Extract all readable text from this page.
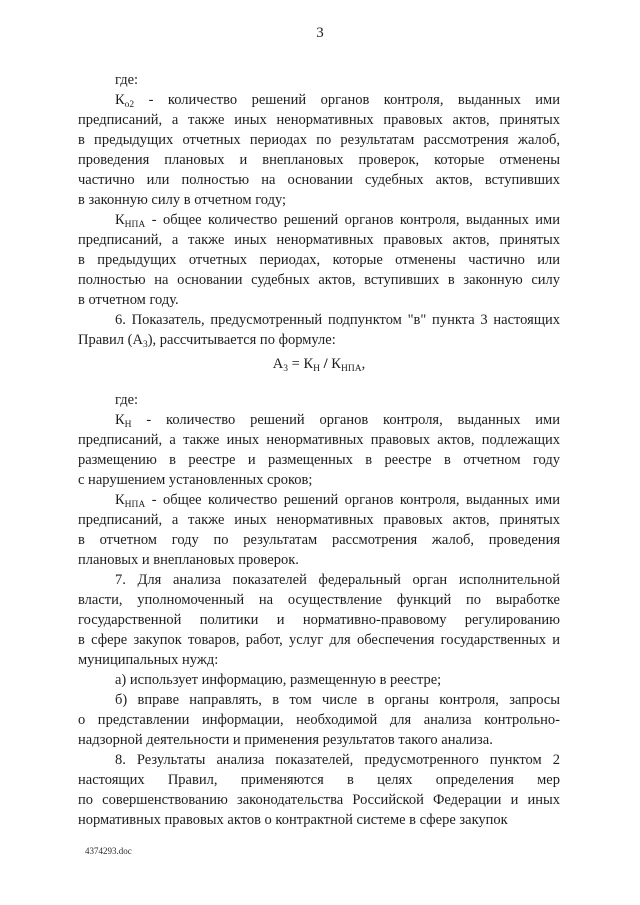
3
где:
$К_{о2}$ - количество решений органов контроля, выданных ими
предписаний, а также иных ненормативных правовых актов, принятых
в предыдущих отчетных периодах по результатам рассмотрения жалоб,
проведения плановых и внеплановых проверок, которые отменены
частично или полностью на основании судебных актов, вступивших
в законную силу в отчетном году;
$К_{НПА}$ - общее количество решений органов контроля, выданных ими
предписаний, а также иных ненормативных правовых актов, принятых
в предыдущих отчетных периодах, которые отменены частично или
полностью на основании судебных актов, вступивших в законную силу
в отчетном году.
6. Показатель, предусмотренный подпунктом "в" пункта 3 настоящих
Правил $(А_3)$, рассчитывается по формуле:
$А_3 = К_Н / К_{НПА}$,
где:
$К_Н$ - количество решений органов контроля, выданных ими
предписаний, а также иных ненормативных правовых актов, подлежащих
размещению в реестре и размещенных в реестре в отчетном году
с нарушением установленных сроков;
$К_{НПА}$ - общее количество решений органов контроля, выданных ими
предписаний, а также иных ненормативных правовых актов, принятых
в отчетном году по результатам рассмотрения жалоб, проведения
плановых и внеплановых проверок.
7. Для анализа показателей федеральный орган исполнительной
власти, уполномоченный на осуществление функций по выработке
государственной политики и нормативно-правовому регулированию
в сфере закупок товаров, работ, услуг для обеспечения государственных и
муниципальных нужд:
а) использует информацию, размещенную в реестре;
б) вправе направлять, в том числе в органы контроля, запросы
о представлении информации, необходимой для анализа контрольно-
надзорной деятельности и применения результатов такого анализа.
8. Результаты анализа показателей, предусмотренного пунктом 2
настоящих Правил, применяются в целях определения мер
по совершенствованию законодательства Российской Федерации и иных
нормативных правовых актов о контрактной системе в сфере закупок
4374293.doc
